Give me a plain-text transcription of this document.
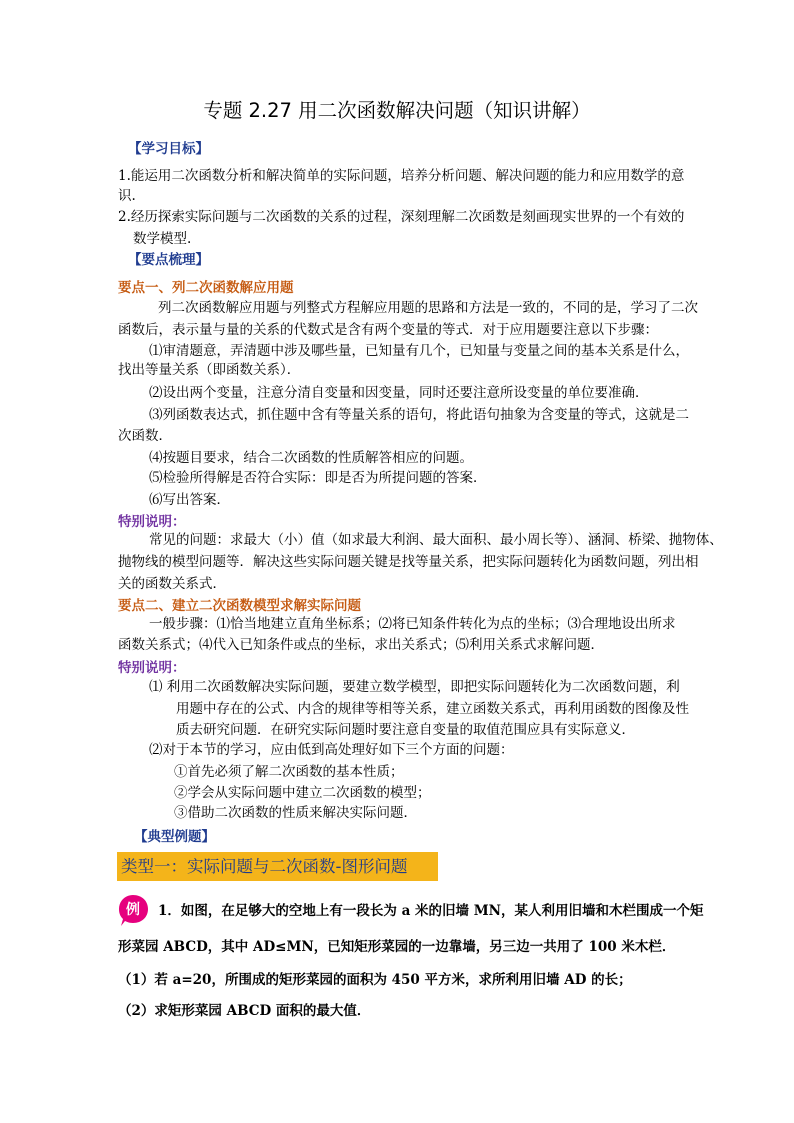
专题 2.27 用二次函数解决问题（知识讲解）
【学习目标】
1.能运用二次函数分析和解决简单的实际问题，培养分析问题、解决问题的能力和应用数学的意
识.
2.经历探索实际问题与二次函数的关系的过程，深刻理解二次函数是刻画现实世界的一个有效的
数学模型.
【要点梳理】
要点一、列二次函数解应用题
列二次函数解应用题与列整式方程解应用题的思路和方法是一致的，不同的是，学习了二次
函数后，表示量与量的关系的代数式是含有两个变量的等式．对于应用题要注意以下步骤：
⑴审清题意，弄清题中涉及哪些量，已知量有几个，已知量与变量之间的基本关系是什么，
找出等量关系（即函数关系）．
⑵设出两个变量，注意分清自变量和因变量，同时还要注意所设变量的单位要准确．
⑶列函数表达式，抓住题中含有等量关系的语句，将此语句抽象为含变量的等式，这就是二
次函数．
⑷按题目要求，结合二次函数的性质解答相应的问题。
⑸检验所得解是否符合实际：即是否为所提问题的答案．
⑹写出答案．
特别说明：
常见的问题：求最大（小）值（如求最大利润、最大面积、最小周长等）、涵洞、桥梁、抛物体、
抛物线的模型问题等．解决这些实际问题关键是找等量关系，把实际问题转化为函数问题，列出相
关的函数关系式．
要点二、建立二次函数模型求解实际问题
一般步骤：⑴恰当地建立直角坐标系；⑵将已知条件转化为点的坐标；⑶合理地设出所求
函数关系式；⑷代入已知条件或点的坐标，求出关系式；⑸利用关系式求解问题．
特别说明：
⑴ 利用二次函数解决实际问题，要建立数学模型，即把实际问题转化为二次函数问题，利
用题中存在的公式、内含的规律等相等关系，建立函数关系式，再利用函数的图像及性
质去研究问题．在研究实际问题时要注意自变量的取值范围应具有实际意义．
⑵对于本节的学习，应由低到高处理好如下三个方面的问题：
①首先必须了解二次函数的基本性质；
②学会从实际问题中建立二次函数的模型；
③借助二次函数的性质来解决实际问题．
【典型例题】
类型一：实际问题与二次函数-图形问题
例	1．如图，在足够大的空地上有一段长为 a 米的旧墙 MN，某人利用旧墙和木栏围成一个矩
形菜园 ABCD，其中 AD≤MN，已知矩形菜园的一边靠墙，另三边一共用了 100 米木栏．
（1）若 a=20，所围成的矩形菜园的面积为 450 平方米，求所利用旧墙 AD 的长；
（2）求矩形菜园 ABCD 面积的最大值．
